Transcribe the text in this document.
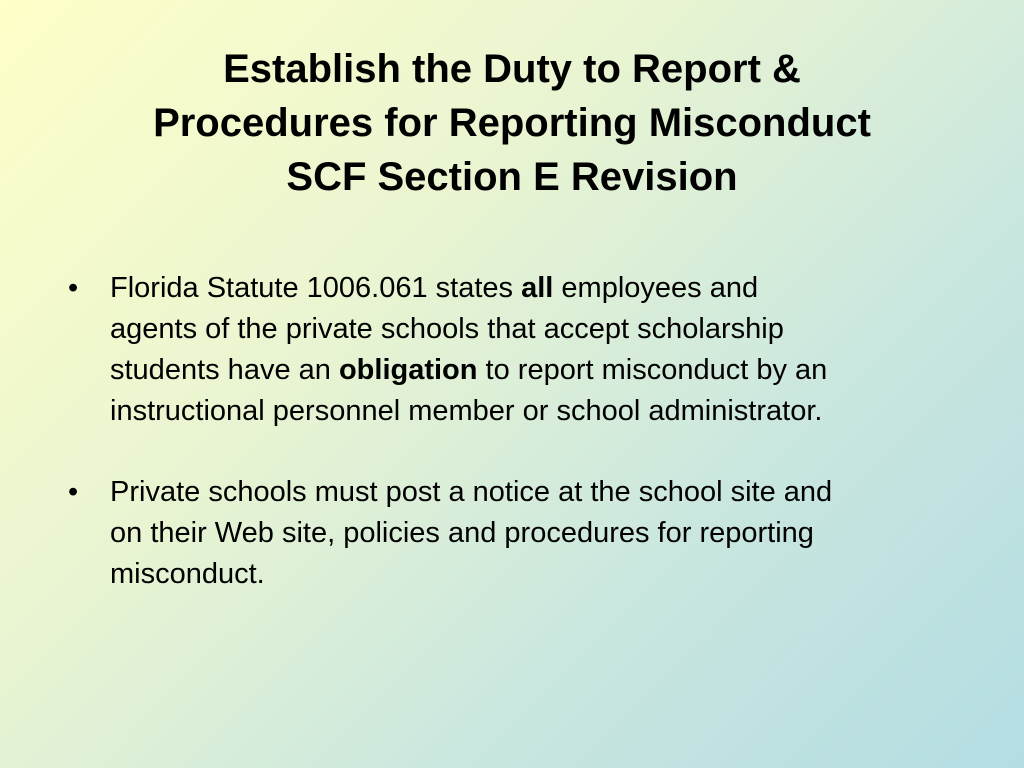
Establish the Duty to Report &
Procedures for Reporting Misconduct
SCF Section E Revision
•	Florida Statute 1006.061 states all employees and
agents of the private schools that accept scholarship
students have an obligation to report misconduct by an
instructional personnel member or school administrator.
•	Private schools must post a notice at the school site and
on their Web site, policies and procedures for reporting
misconduct.
